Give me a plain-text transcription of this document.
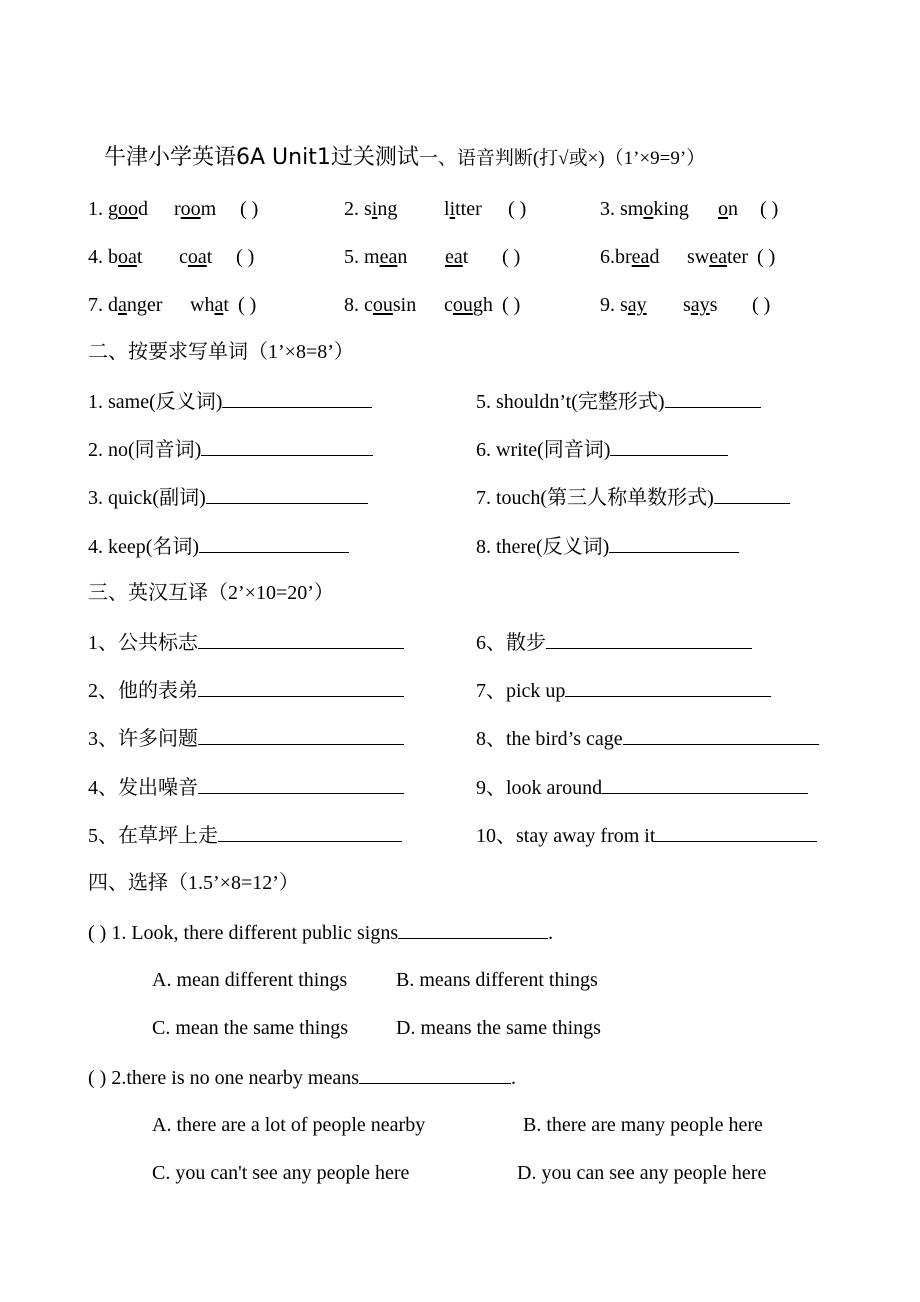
牛津小学英语6A Unit1过关测试一、语音判断(打√或×)（1’×9=9’）
1. good room ( )	2. sing litter ( )	3. smoking on ( )
4. boat coat ( )	5. mean eat ( )	6.bread sweater ( )
7. danger what ( )	8. cousin cough ( )	9. say says ( )
二、按要求写单词（1’×8=8’）
1. same(反义词)
2. no(同音词)
3. quick(副词)
4. keep(名词)
5. shouldn’t(完整形式)
6. write(同音词)
7. touch(第三人称单数形式)
8. there(反义词)
三、英汉互译（2’×10=20’）
1、公共标志
2、他的表弟
3、许多问题
4、发出噪音
5、在草坪上走
6、散步
7、pick up
8、the bird’s cage
9、look around
10、stay away from it
四、选择（1.5’×8=12’）
( ) 1. Look, there different public signs	.
A. mean different things B. means different things
C. mean the same things D. means the same things
( ) 2.there is no one nearby means	.
A. there are a lot of people nearby	B. there are many people here
C. you can't see any people here	D. you can see any people here
